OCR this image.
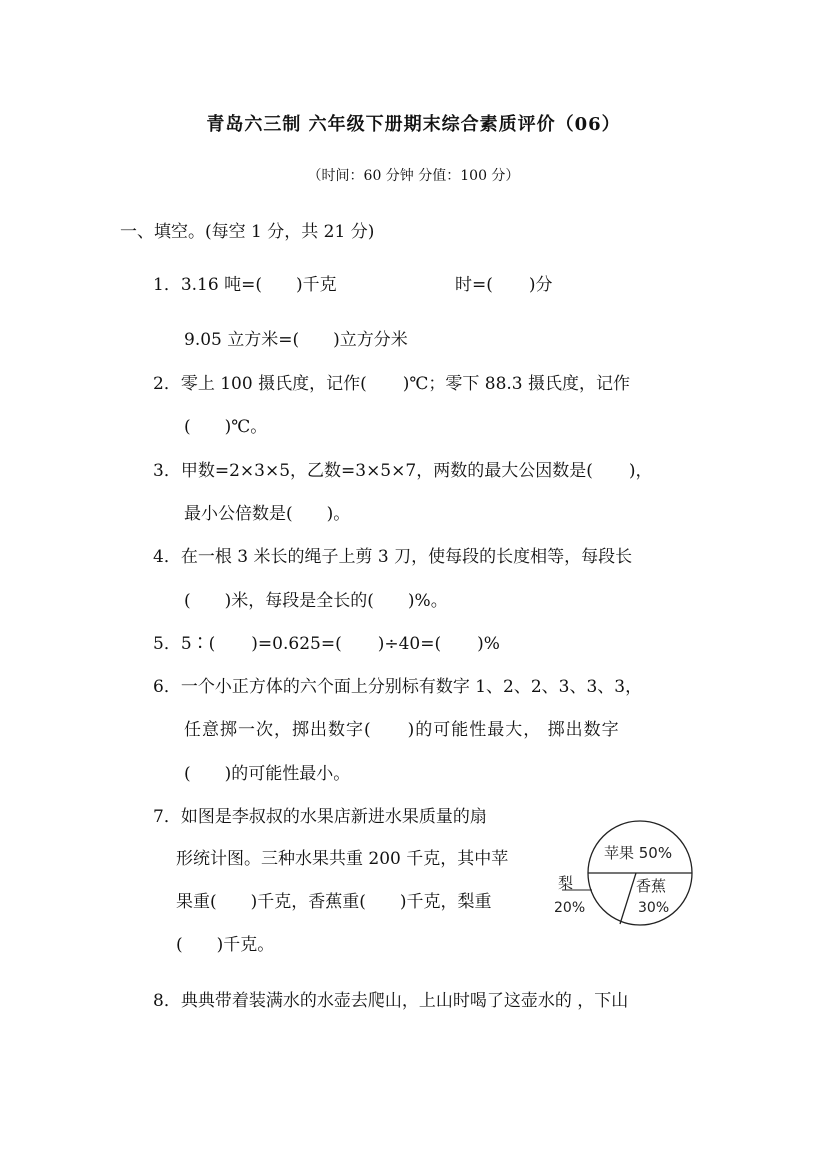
青岛六三制 六年级下册期末综合素质评价（06）
（时间：60 分钟 分值：100 分）
一、填空。(每空 1 分，共 21 分)
1．3.16 吨=( )千克	时=( )分
9.05 立方米=( )立方分米
2．零上 100 摄氏度，记作( )℃；零下 88.3 摄氏度，记作
( )℃。
3．甲数=2×3×5，乙数=3×5×7，两数的最大公因数是( )，
最小公倍数是( )。
4．在一根 3 米长的绳子上剪 3 刀，使每段的长度相等，每段长
( )米，每段是全长的( )%。
5．5∶( )=0.625=( )÷40=( )%
6．一个小正方体的六个面上分别标有数字 1、2、2、3、3、3，
任意掷一次，掷出数字( )的可能性最大， 掷出数字
( )的可能性最小。
7．如图是李叔叔的水果店新进水果质量的扇
形统计图。三种水果共重 200 千克，其中苹
果重( )千克，香蕉重( )千克，梨重
( )千克。
苹果 50%
香蕉
30%
梨
20%
8．典典带着装满水的水壶去爬山，上山时喝了这壶水的 ，下山
